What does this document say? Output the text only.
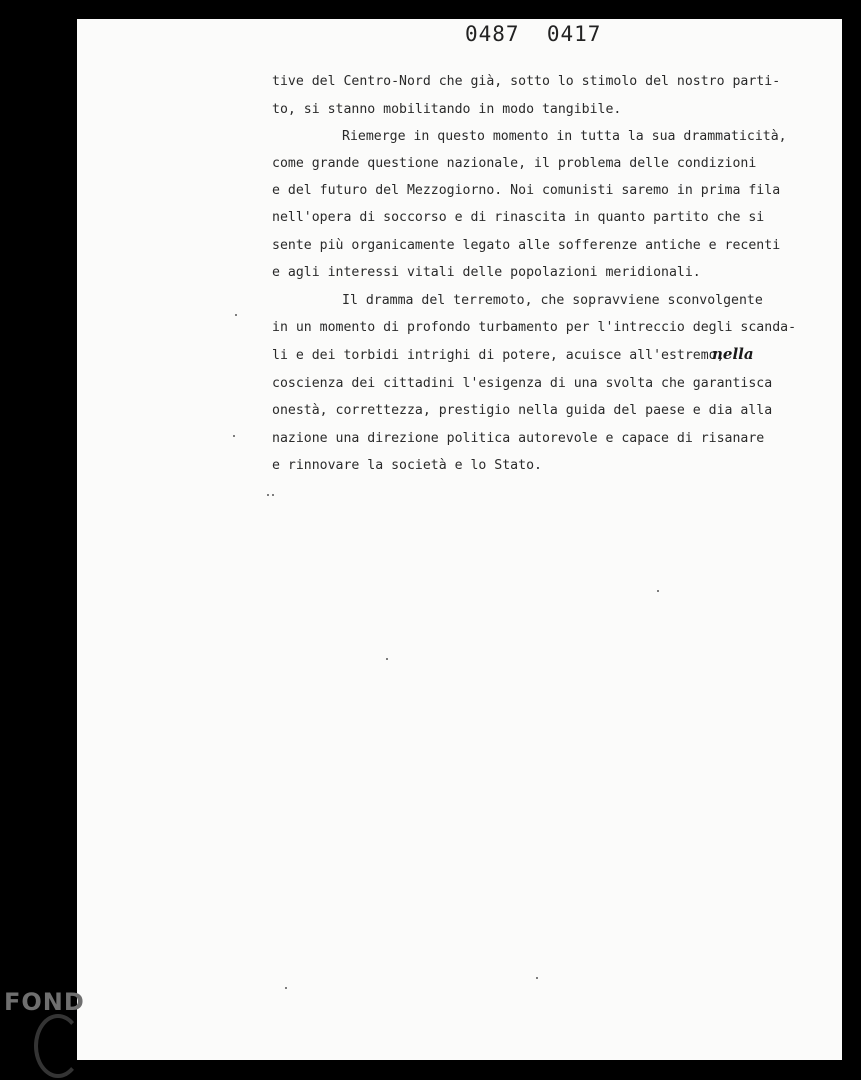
0487  0417
tive del Centro-Nord che già, sotto lo stimolo del nostro parti-
to, si stanno mobilitando in modo tangibile.
Riemerge in questo momento in tutta la sua drammaticità,
come grande questione nazionale, il problema delle condizioni
e del futuro del Mezzogiorno. Noi comunisti saremo in prima fila
nell'opera di soccorso e di rinascita in quanto partito che si
sente più organicamente legato alle sofferenze antiche e recenti
e agli interessi vitali delle popolazioni meridionali.
Il dramma del terremoto, che sopravviene sconvolgente
in un momento di profondo turbamento per l'intreccio degli scanda-
li e dei torbidi intrighi di potere, acuisce all'estremo,
nella
coscienza dei cittadini l'esigenza di una svolta che garantisca
onestà, correttezza, prestigio nella guida del paese e dia alla
nazione una direzione politica autorevole e capace di risanare
e rinnovare la società e lo Stato.
FOND
